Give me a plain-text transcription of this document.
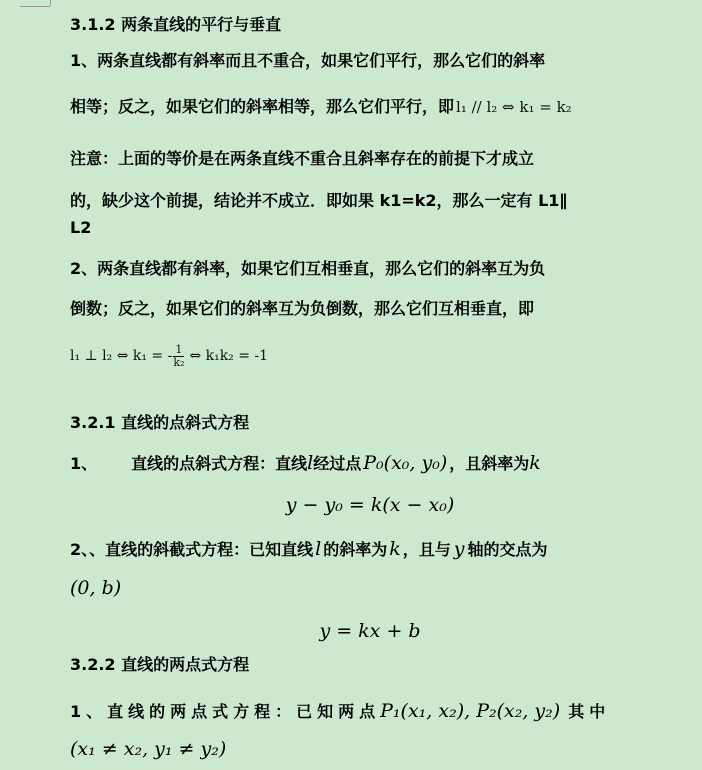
3.1.2 两条直线的平行与垂直
1、两条直线都有斜率而且不重合，如果它们平行，那么它们的斜率
相等；反之，如果它们的斜率相等，那么它们平行，即 l₁ // l₂ ⇔ k₁ = k₂
注意：上面的等价是在两条直线不重合且斜率存在的前提下才成立
的，缺少这个前提，结论并不成立．即如果 k1=k2，那么一定有 L1∥
L2
2、两条直线都有斜率，如果它们互相垂直，那么它们的斜率互为负
倒数；反之，如果它们的斜率互为负倒数，那么它们互相垂直，即
l₁ ⊥ l₂ ⇔ k₁ = - $\frac{1}{\text{k₂}}$ ⇔ k₁k₂ = -1
3.2.1 直线的点斜式方程
1、 直线的点斜式方程：直线l经过点 P₀(x₀, y₀) ，且斜率为k
y − y₀ = k(x − x₀)
2、、直线的斜截式方程：已知直线 l 的斜率为 k ，且与 y 轴的交点为
(0, b)
y = kx + b
3.2.2 直线的两点式方程
1、直线的两点式方程：已知两点P₁(x₁, x₂), P₂(x₂, y₂) 其中
(x₁ ≠ x₂, y₁ ≠ y₂)
